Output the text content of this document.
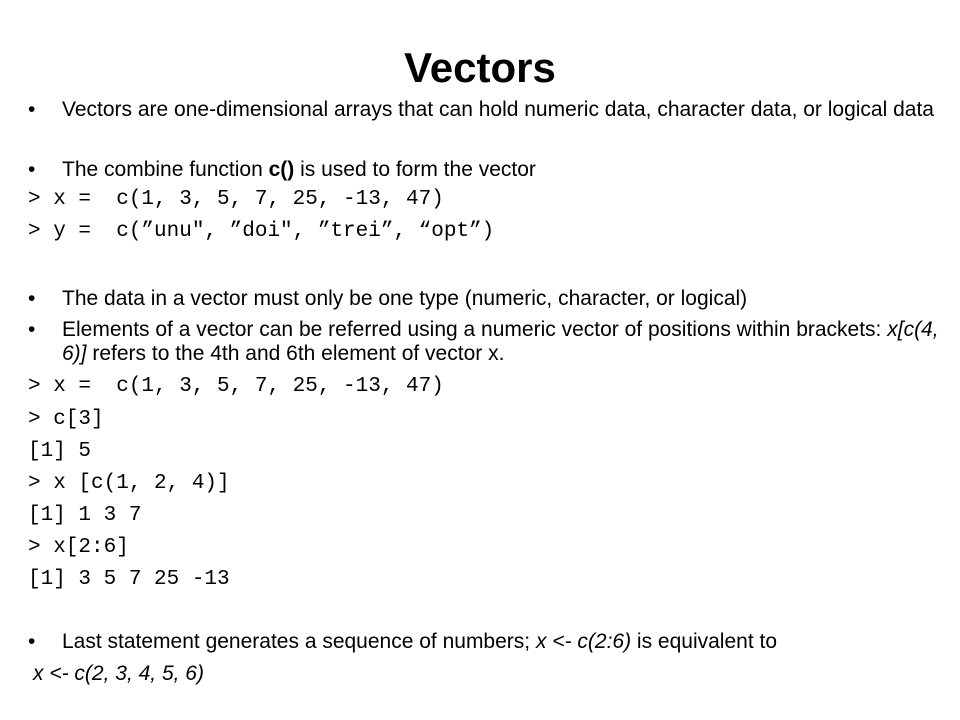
Vectors
•	Vectors are one-dimensional arrays that can hold numeric data, character data, or logical data
•	The combine function c() is used to form the vector
> x =  c(1, 3, 5, 7, 25, -13, 47)
> y =  c(”unu", ”doi", ”trei”, “opt”)
•	The data in a vector must only be one type (numeric, character, or logical)
•	Elements of a vector can be referred using a numeric vector of positions within brackets: x[c(4, 6)] refers to the 4th and 6th element of vector x.
> x =  c(1, 3, 5, 7, 25, -13, 47)
> c[3]
[1] 5
> x [c(1, 2, 4)]
[1] 1 3 7
> x[2:6]
[1] 3 5 7 25 -13
•	Last statement generates a sequence of numbers; x <- c(2:6) is equivalent to
x <- c(2, 3, 4, 5, 6)
